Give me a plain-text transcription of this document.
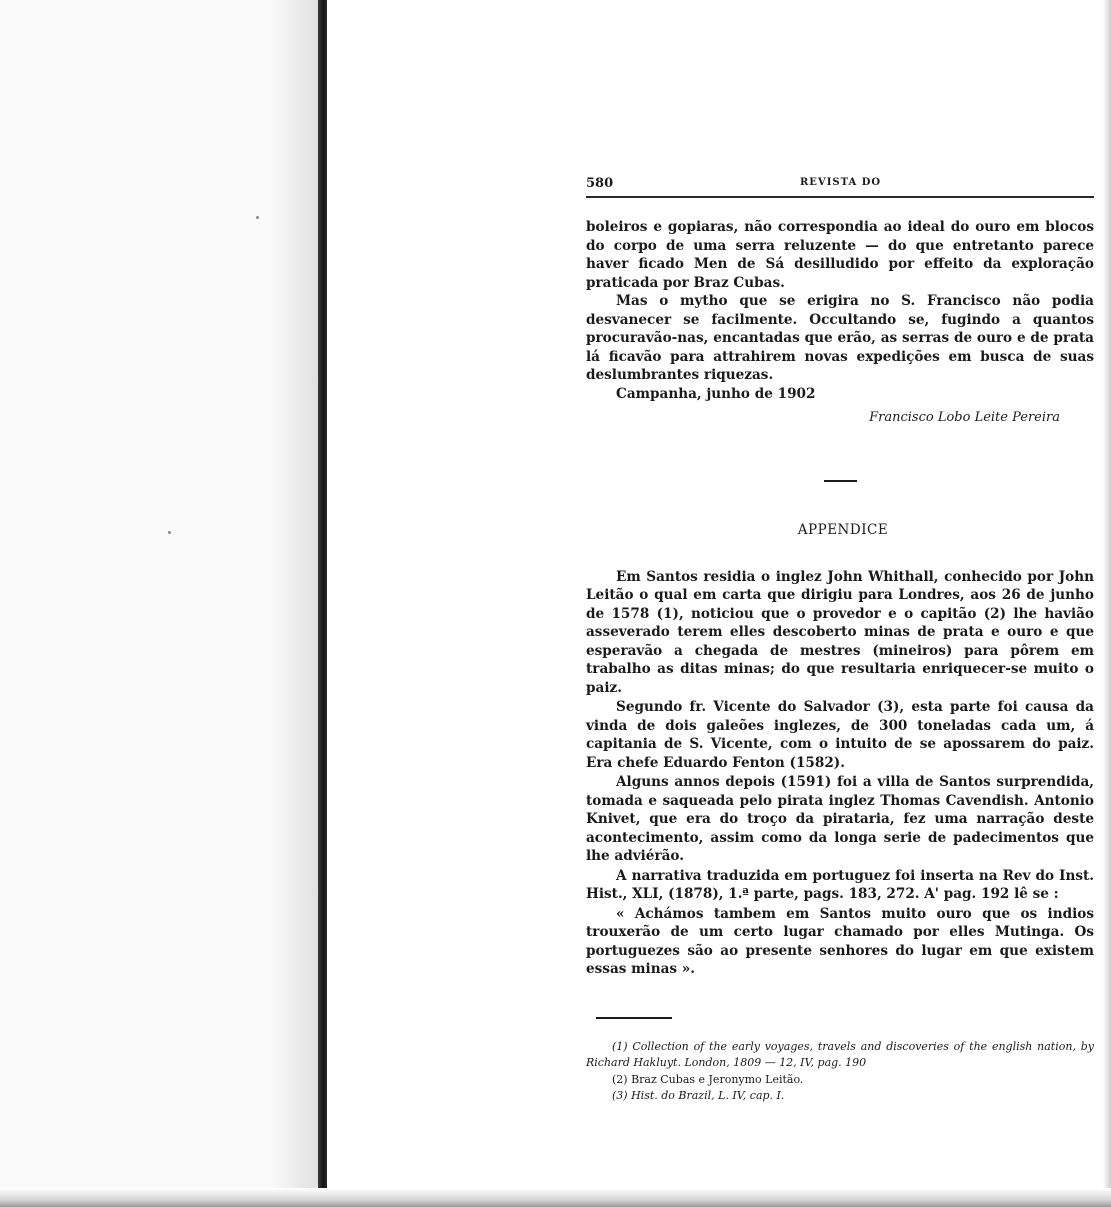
580	REVISTA DO

boleiros e gopiaras, não correspondia ao ideal do ouro em blocos do corpo de uma serra reluzente — do que entretanto parece haver ficado Men de Sá desilludido por effeito da exploração praticada por Braz Cubas.

Mas o mytho que se erigira no S. Francisco não podia desvanecer se facilmente. Occultando se, fugindo a quantos procuravão-nas, encantadas que erão, as serras de ouro e de prata lá ficavão para attrahirem novas expedições em busca de suas deslumbrantes riquezas.

Campanha, junho de 1902

Francisco Lobo Leite Pereira
APPENDICE

Em Santos residia o inglez John Whithall, conhecido por John Leitão o qual em carta que dirigiu para Londres, aos 26 de junho de 1578 (1), noticiou que o provedor e o capitão (2) lhe havião asseverado terem elles descoberto minas de prata e ouro e que esperavão a chegada de mestres (mineiros) para pôrem em trabalho as ditas minas; do que resultaria enriquecer-se muito o paiz.

Segundo fr. Vicente do Salvador (3), esta parte foi causa da vinda de dois galeões inglezes, de 300 toneladas cada um, á capitania de S. Vicente, com o intuito de se apossarem do paiz. Era chefe Eduardo Fenton (1582).

Alguns annos depois (1591) foi a villa de Santos surprendida, tomada e saqueada pelo pirata inglez Thomas Cavendish. Antonio Knivet, que era do troço da pirataria, fez uma narração deste acontecimento, assim como da longa serie de padecimentos que lhe adviérão.

A narrativa traduzida em portuguez foi inserta na Rev do Inst. Hist., XLI, (1878), 1.ª parte, pags. 183, 272. A' pag. 192 lê se :

« Achámos tambem em Santos muito ouro que os indios trouxerão de um certo lugar chamado por elles Mutinga. Os portuguezes são ao presente senhores do lugar em que existem essas minas ».

(1) Collection of the early voyages, travels and discoveries of the english nation, by Richard Hakluyt. London, 1809 — 12, IV, pag. 190

(2) Braz Cubas e Jeronymo Leitão.

(3) Hist. do Brazil, L. IV, cap. I.
